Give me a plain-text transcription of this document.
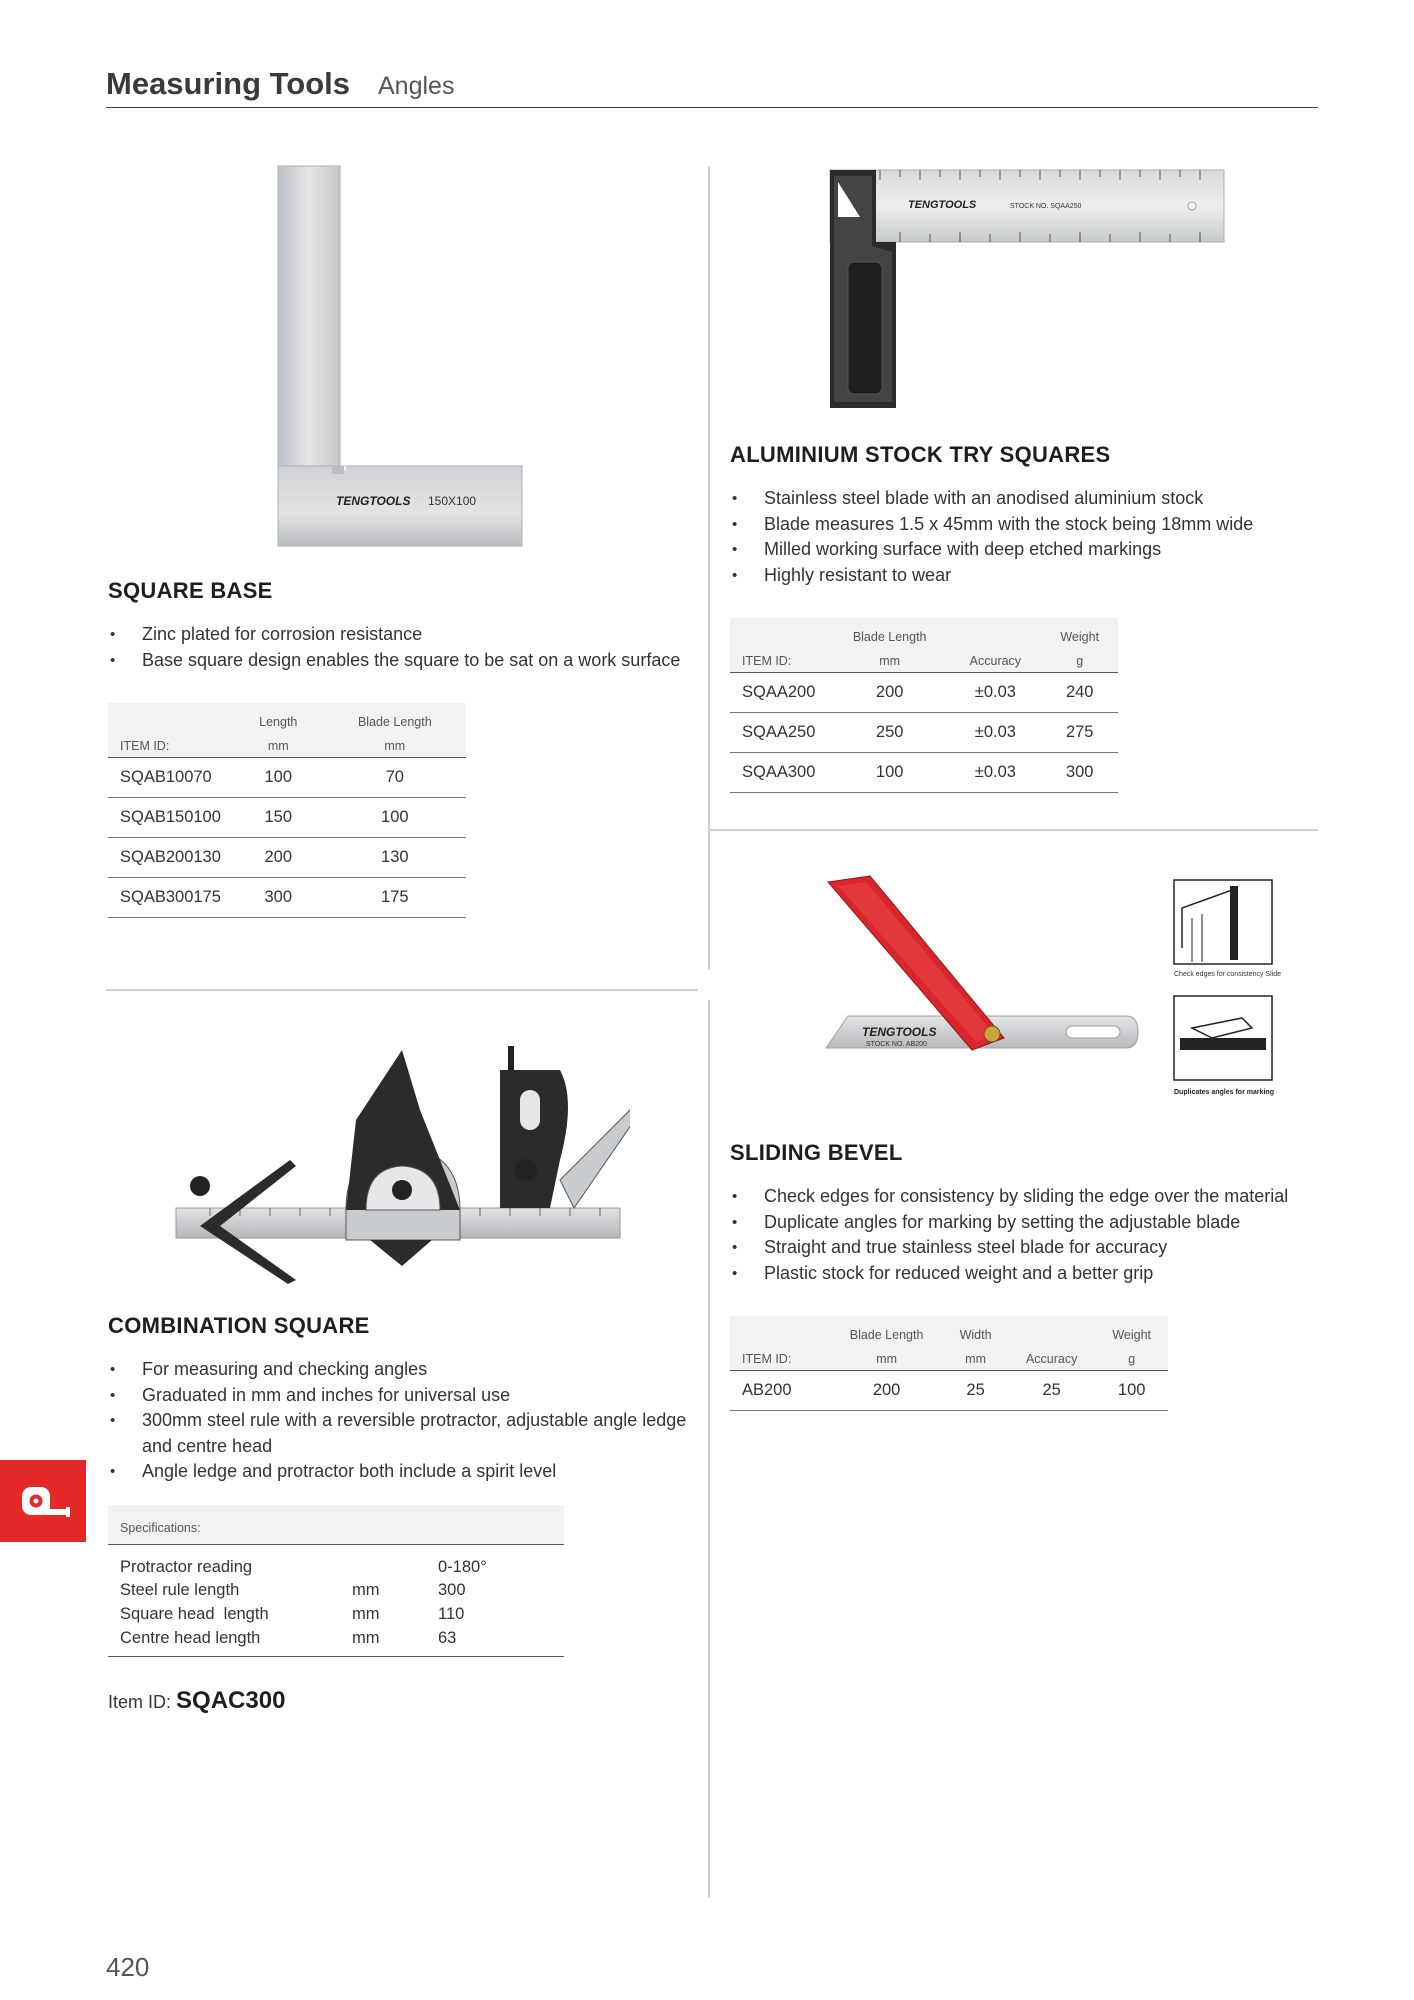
Measuring Tools Angles
TENGTOOLS 150X100
SQUARE BASE
• Zinc plated for corrosion resistance
• Base square design enables the square to be sat on a work surface
	Length	Blade Length
ITEM ID:	mm	mm
SQAB10070	100	70
SQAB150100	150	100
SQAB200130	200	130
SQAB300175	300	175
TENGTOOLS	STOCK NO. SQAA250
ALUMINIUM STOCK TRY SQUARES
• Stainless steel blade with an anodised aluminium stock
• Blade measures 1.5 x 45mm with the stock being 18mm wide
• Milled working surface with deep etched markings
• Highly resistant to wear
	Blade Length		Weight
ITEM ID:	mm	Accuracy	g
SQAA200	200	±0.03	240
SQAA250	250	±0.03	275
SQAA300	100	±0.03	300
TENGTOOLS
STOCK NO. AB200
Check edges for consistency Slide
Duplicates angles for marking
SLIDING BEVEL
• Check edges for consistency by sliding the edge over the material
• Duplicate angles for marking by setting the adjustable blade
• Straight and true stainless steel blade for accuracy
• Plastic stock for reduced weight and a better grip
	Blade Length	Width		Weight
ITEM ID:	mm	mm	Accuracy	g
AB200	200	25	25	100
COMBINATION SQUARE
• For measuring and checking angles
• Graduated in mm and inches for universal use
• 300mm steel rule with a reversible protractor, adjustable angle ledge and centre head
• Angle ledge and protractor both include a spirit level
Specifications:
Protractor reading		0-180°
Steel rule length	mm	300
Square head  length	mm	110
Centre head length	mm	63
Item ID: SQAC300
420
